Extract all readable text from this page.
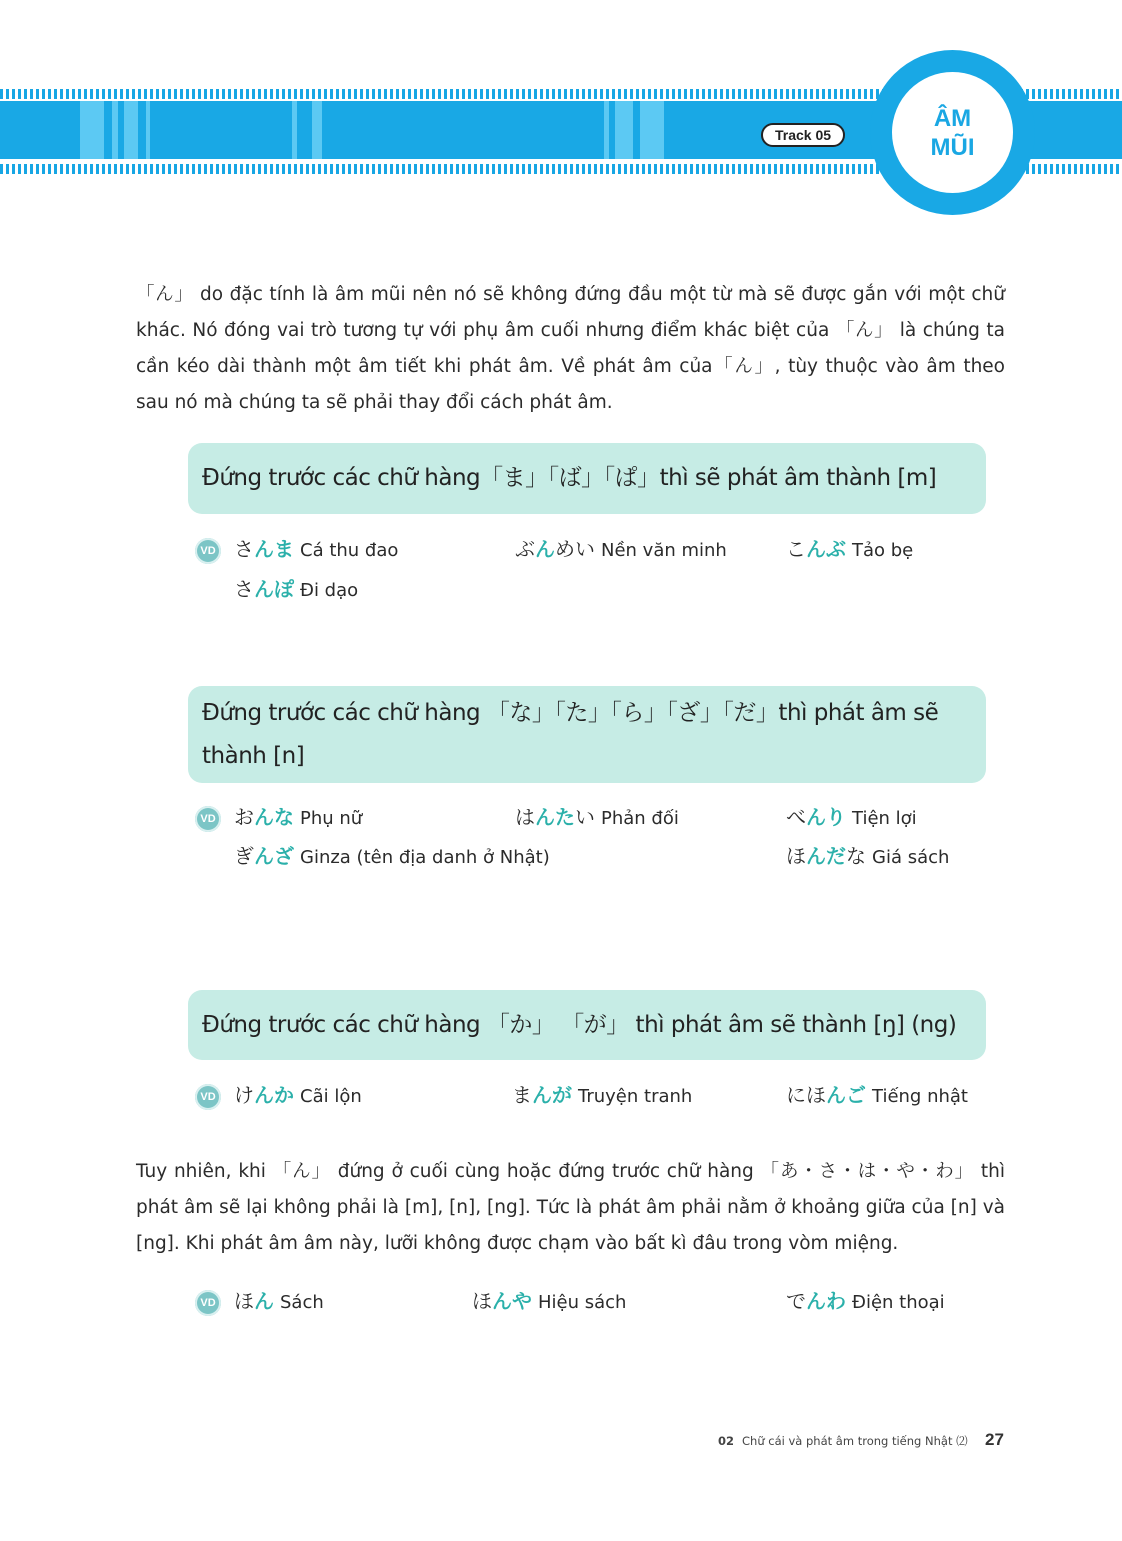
Track 05
ÂM
MŨI
「ん」 do đặc tính là âm mũi nên nó sẽ không đứng đầu một từ mà sẽ được gắn với một chữ khác. Nó đóng vai trò tương tự với phụ âm cuối nhưng điểm khác biệt của 「ん」 là chúng ta cần kéo dài thành một âm tiết khi phát âm. Về phát âm của「ん」, tùy thuộc vào âm theo sau nó mà chúng ta sẽ phải thay đổi cách phát âm.
Đứng trước các chữ hàng「ま」「ば」「ぱ」thì sẽ phát âm thành [m]
VD さんま Cá thu đao	ぶんめい Nền văn minh	こんぶ Tảo bẹ
さんぽ Đi dạo
Đứng trước các chữ hàng 「な」「た」「ら」「ざ」「だ」thì phát âm sẽ thành [n]
VD おんな Phụ nữ	はんたい Phản đối	べんり Tiện lợi
ぎんざ Ginza (tên địa danh ở Nhật)	ほんだな Giá sách
Đứng trước các chữ hàng 「か」 「が」 thì phát âm sẽ thành [ŋ] (ng)
VD けんか Cãi lộn	まんが Truyện tranh	にほんご Tiếng nhật
Tuy nhiên, khi 「ん」 đứng ở cuối cùng hoặc đứng trước chữ hàng 「あ・さ・は・や・わ」 thì phát âm sẽ lại không phải là [m], [n], [ng]. Tức là phát âm phải nằm ở khoảng giữa của [n] và [ng]. Khi phát âm âm này, lưỡi không được chạm vào bất kì đâu trong vòm miệng.
VD ほん Sách	ほんや Hiệu sách	でんわ Điện thoại
02 Chữ cái và phát âm trong tiếng Nhật ⑵ 27
